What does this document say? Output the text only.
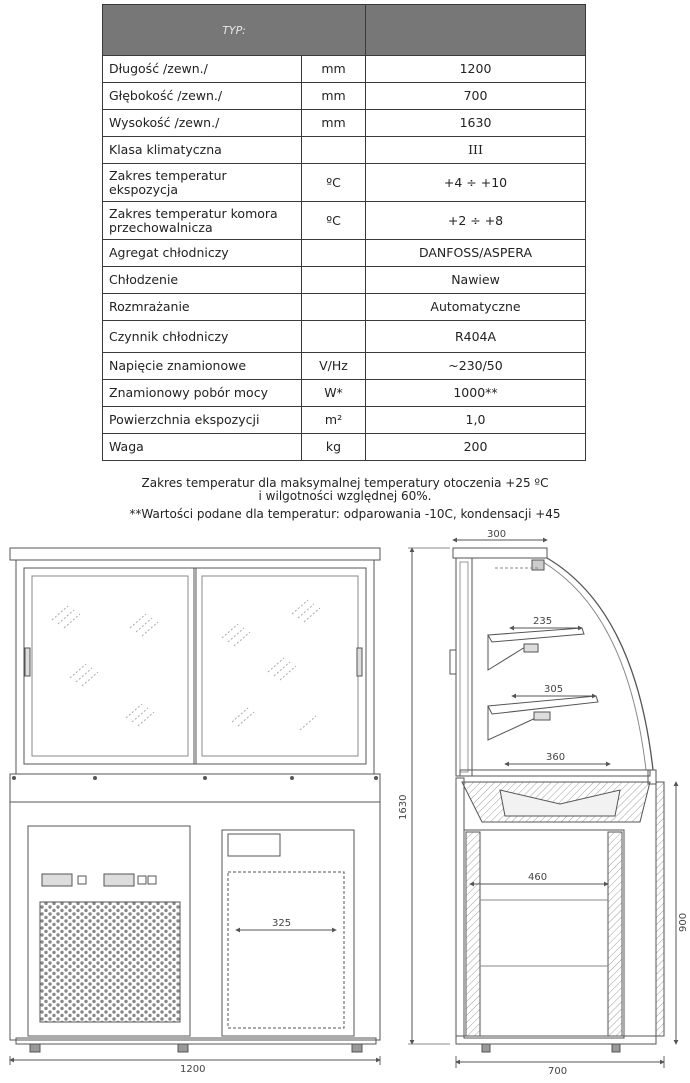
TYP:		
Długość /zewn./	mm	1200
Głębokość /zewn./	mm	700
Wysokość /zewn./	mm	1630
Klasa klimatyczna		III
Zakres temperatur ekspozycja	ºC	+4 ÷ +10
Zakres temperatur komora przechowalnicza	ºC	+2 ÷ +8
Agregat chłodniczy		DANFOSS/ASPERA
Chłodzenie		Nawiew
Rozmrażanie		Automatyczne
Czynnik chłodniczy		R404A
Napięcie znamionowe	V/Hz	~230/50
Znamionowy pobór mocy	W*	1000**
Powierzchnia ekspozycji	m²	1,0
Waga	kg	200
Zakres temperatur dla maksymalnej temperatury otoczenia +25 ºC
i wilgotności względnej 60%.
**Wartości podane dla temperatur: odparowania -10C, kondensacji +45
1200
325
300
235
305
360
460
700
1630
900
